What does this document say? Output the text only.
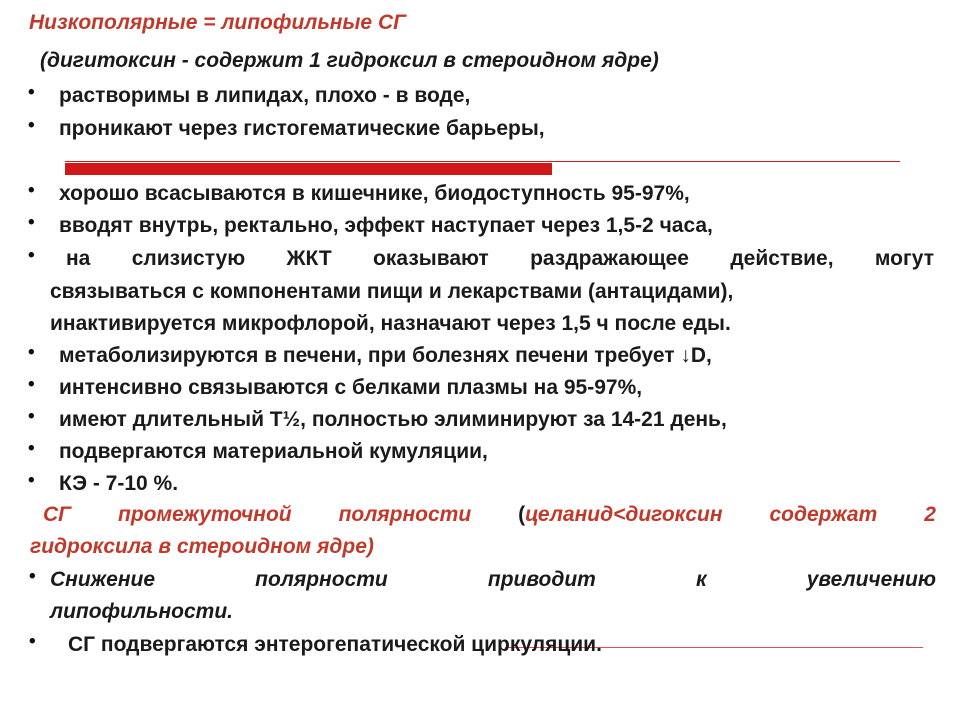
Низкополярные = липофильные СГ
(дигитоксин - содержит 1 гидроксил в стероидном ядре)
• растворимы в липидах, плохо - в воде,
• проникают через гистогематические барьеры,
• хорошо всасываются в кишечнике, биодоступность 95-97%,
• вводят внутрь, ректально, эффект наступает через 1,5-2 часа,
• на слизистую ЖКТ оказывают раздражающее действие, могут
связываться с компонентами пищи и лекарствами (антацидами),
инактивируется микрофлорой, назначают через 1,5 ч после еды.
• метаболизируются в печени, при болезнях печени требует ↓D,
• интенсивно связываются с белками плазмы на 95-97%,
• имеют длительный Т½, полностью элиминируют за 14-21 день,
• подвергаются материальной кумуляции,
• КЭ - 7-10 %.
СГ промежуточной полярности ( целанид<дигоксин содержат 2
гидроксила в стероидном ядре)
• Снижение	полярности	приводит	к	увеличению
липофильности.
• СГ подвергаются энтерогепатической циркуляции.
